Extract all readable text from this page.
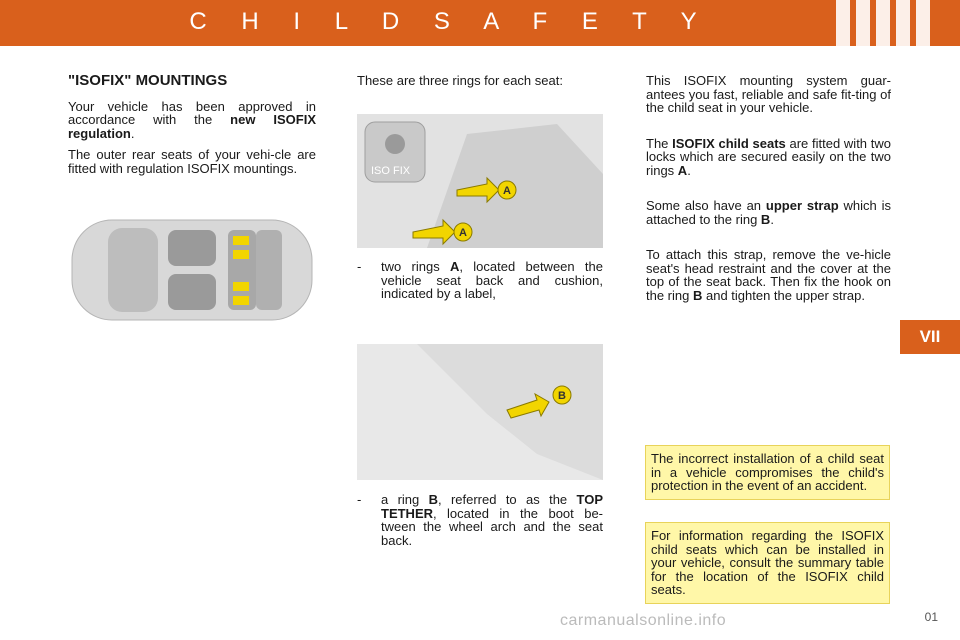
C H I L D S A F E T Y
VII
"ISOFIX" MOUNTINGS

Your vehicle has been approved in accordance with the new ISOFIX regulation.

The outer rear seats of your vehi-cle are fitted with regulation ISOFIX mountings.

These are three rings for each seat:

ISO FIX
A
A
-	two rings A, located between the vehicle seat back and cushion, indicated by a label,

B
-	a ring B, referred to as the TOP TETHER, located in the boot be-tween the wheel arch and the seat back.

This ISOFIX mounting system guar-antees you fast, reliable and safe fit-ting of the child seat in your vehicle.

The ISOFIX child seats are fitted with two locks which are secured easily on the two rings A.

Some also have an upper strap which is attached to the ring B.

To attach this strap, remove the ve-hicle seat's head restraint and the cover at the top of the seat back. Then fix the hook on the ring B and tighten the upper strap.

The incorrect installation of a child seat in a vehicle compromises the child's protection in the event of an accident.

For information regarding the ISOFIX child seats which can be installed in your vehicle, consult the summary table for the location of the ISOFIX child seats.

carmanualsonline.info	01
